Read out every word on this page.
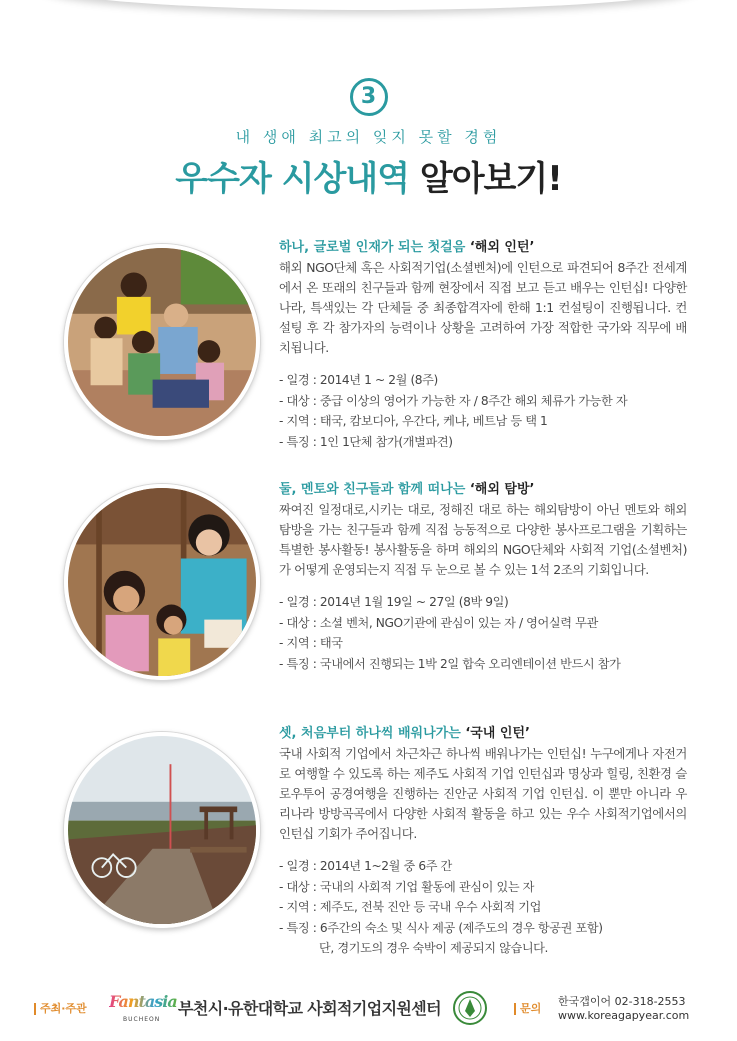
3
내 생애 최고의 잊지 못할 경험
우수자 시상내역 알아보기!
하나, 글로벌 인재가 되는 첫걸음 ‘해외 인턴’
해외 NGO단체 혹은 사회적기업(소셜벤처)에 인턴으로 파견되어 8주간 전세계에서 온 또래의 친구들과 함께 현장에서 직접 보고 듣고 배우는 인턴십! 다양한 나라, 특색있는 각 단체들 중 최종합격자에 한해 1:1 컨설팅이 진행됩니다. 컨설팅 후 각 참가자의 능력이나 상황을 고려하여 가장 적합한 국가와 직무에 배치됩니다.
- 일경 : 2014년 1 ~ 2월 (8주)
- 대상 : 중급 이상의 영어가 가능한 자 / 8주간 해외 체류가 가능한 자
- 지역 : 태국, 캄보디아, 우간다, 케냐, 베트남 등 택 1
- 특징 : 1인 1단체 참가(개별파견)
둘, 멘토와 친구들과 함께 떠나는 ‘해외 탐방’
짜여진 일정대로,시키는 대로, 정해진 대로 하는 해외탐방이 아닌 멘토와 해외탐방을 가는 친구들과 함께 직접 능동적으로 다양한 봉사프로그램을 기획하는 특별한 봉사활동! 봉사활동을 하며 해외의 NGO단체와 사회적 기업(소셜벤처)가 어떻게 운영되는지 직접 두 눈으로 볼 수 있는 1석 2조의 기회입니다.
- 일경 : 2014년 1월 19일 ~ 27일 (8박 9일)
- 대상 : 소셜 벤처, NGO기관에 관심이 있는 자 / 영어실력 무관
- 지역 : 태국
- 특징 : 국내에서 진행되는 1박 2일 합숙 오리엔테이션 반드시 참가
셋, 처음부터 하나씩 배워나가는 ‘국내 인턴’
국내 사회적 기업에서 차근차근 하나씩 배워나가는 인턴십! 누구에게나 자전거로 여행할 수 있도록 하는 제주도 사회적 기업 인턴십과 명상과 힐링, 친환경 슬로우투어 공경여행을 진행하는 진안군 사회적 기업 인턴십. 이 뿐만 아니라 우리나라 방방곡곡에서 다양한 사회적 활동을 하고 있는 우수 사회적기업에서의 인턴십 기회가 주어집니다.
- 일경 : 2014년 1~2월 중 6주 간
- 대상 : 국내의 사회적 기업 활동에 관심이 있는 자
- 지역 : 제주도, 전북 진안 등 국내 우수 사회적 기업
- 특징 : 6주간의 숙소 및 식사 제공 (제주도의 경우 항공권 포함)
단, 경기도의 경우 숙박이 제공되지 않습니다.
주최·주관 Fantasia
BUCHEON
부천시·유한대학교 사회적기업지원센터	문의
한국갭이어 02-318-2553
www.koreagapyear.com
